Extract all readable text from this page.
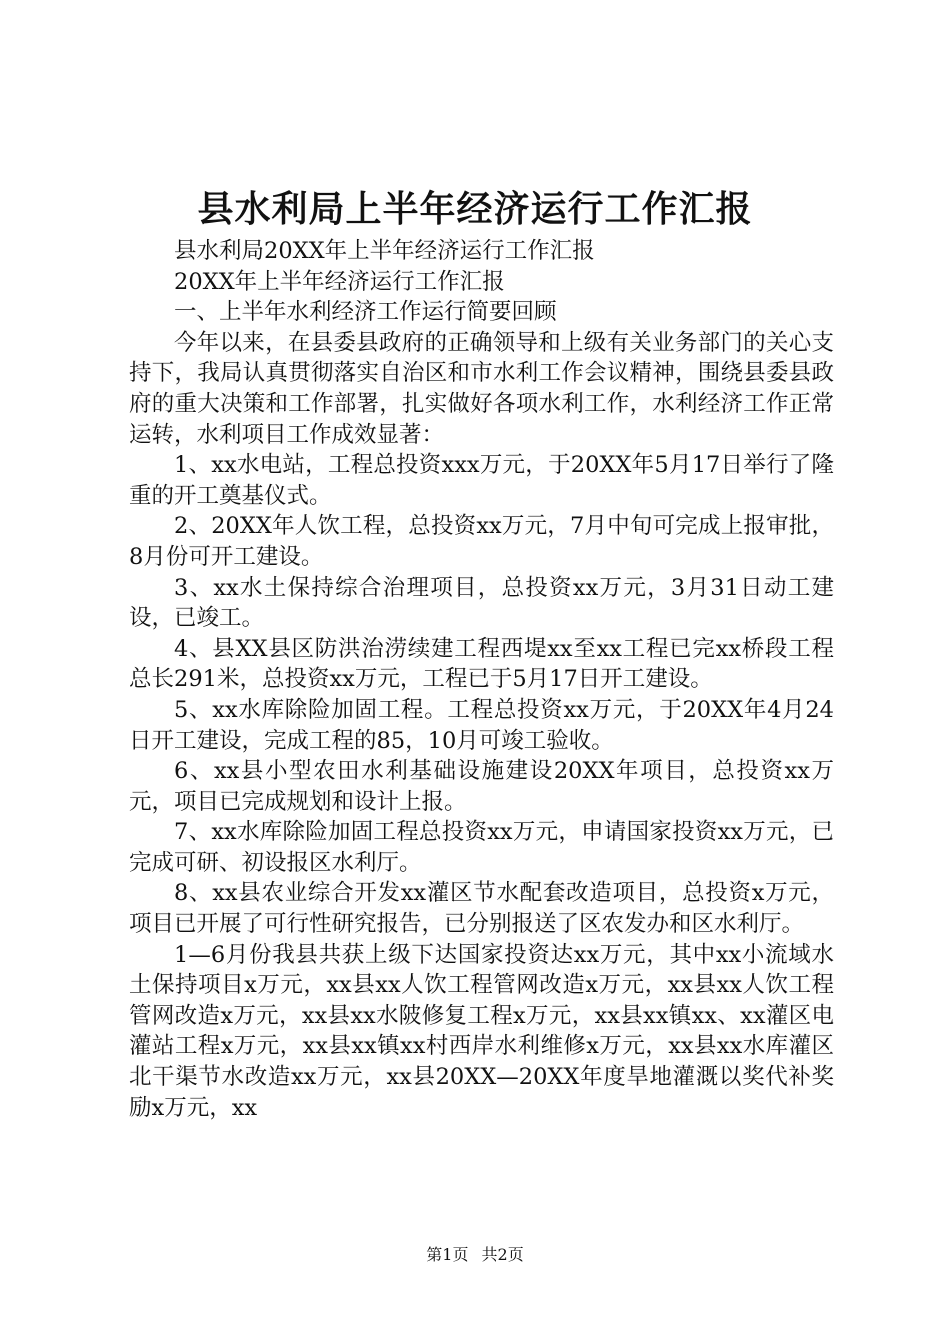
县水利局上半年经济运行工作汇报

县水利局20XX年上半年经济运行工作汇报

20XX年上半年经济运行工作汇报

一、上半年水利经济工作运行简要回顾

今年以来，在县委县政府的正确领导和上级有关业务部门的关心支持下，我局认真贯彻落实自治区和市水利工作会议精神，围绕县委县政府的重大决策和工作部署，扎实做好各项水利工作，水利经济工作正常运转，水利项目工作成效显著：

1、xx水电站，工程总投资xxx万元，于20XX年5月17日举行了隆重的开工奠基仪式。

2、20XX年人饮工程，总投资xx万元，7月中旬可完成上报审批，8月份可开工建设。

3、xx水土保持综合治理项目，总投资xx万元，3月31日动工建设，已竣工。

4、县XX县区防洪治涝续建工程西堤xx至xx工程已完xx桥段工程总长291米，总投资xx万元，工程已于5月17日开工建设。

5、xx水库除险加固工程。工程总投资xx万元，于20XX年4月24日开工建设，完成工程的85，10月可竣工验收。

6、xx县小型农田水利基础设施建设20XX年项目，总投资xx万元，项目已完成规划和设计上报。

7、xx水库除险加固工程总投资xx万元，申请国家投资xx万元，已完成可研、初设报区水利厅。

8、xx县农业综合开发xx灌区节水配套改造项目，总投资x万元，项目已开展了可行性研究报告，已分别报送了区农发办和区水利厅。

1—6月份我县共获上级下达国家投资达xx万元，其中xx小流域水土保持项目x万元，xx县xx人饮工程管网改造x万元，xx县xx人饮工程管网改造x万元，xx县xx水陂修复工程x万元，xx县xx镇xx、xx灌区电灌站工程x万元，xx县xx镇xx村西岸水利维修x万元，xx县xx水库灌区北干渠节水改造xx万元，xx县20XX—20XX年度旱地灌溉以奖代补奖励x万元，xx

第1页 共2页
